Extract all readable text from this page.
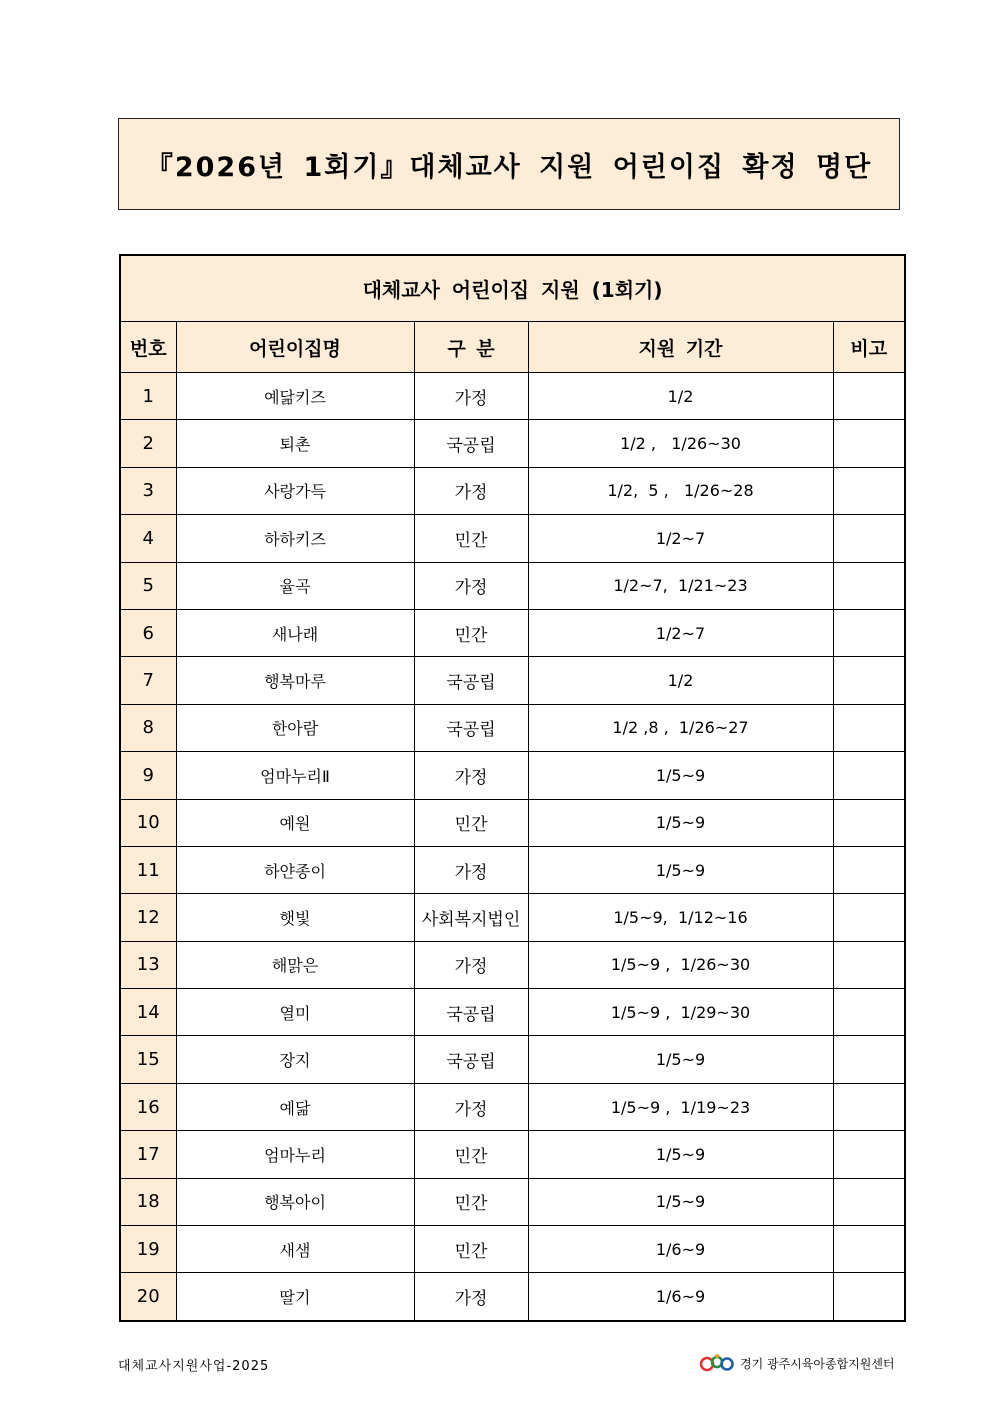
『2026년 1회기』대체교사 지원 어린이집 확정 명단
대체교사 어린이집 지원 (1회기)				
번호	어린이집명	구 분	지원 기간	비고
1	예닮키즈	가정	1/2	
2	퇴촌	국공립	1/2 ,   1/26~30	
3	사랑가득	가정	1/2,  5 ,   1/26~28	
4	하하키즈	민간	1/2~7	
5	율곡	가정	1/2~7,  1/21~23	
6	새나래	민간	1/2~7	
7	행복마루	국공립	1/2	
8	한아람	국공립	1/2 ,8 ,  1/26~27	
9	엄마누리Ⅱ	가정	1/5~9	
10	예원	민간	1/5~9	
11	하얀종이	가정	1/5~9	
12	햇빛	사회복지법인	1/5~9,  1/12~16	
13	해맑은	가정	1/5~9 ,  1/26~30	
14	열미	국공립	1/5~9 ,  1/29~30	
15	장지	국공립	1/5~9	
16	예닮	가정	1/5~9 ,  1/19~23	
17	엄마누리	민간	1/5~9	
18	행복아이	민간	1/5~9	
19	새샘	민간	1/6~9	
20	딸기	가정	1/6~9	
대체교사지원사업-2025	경기 광주시육아종합지원센터
